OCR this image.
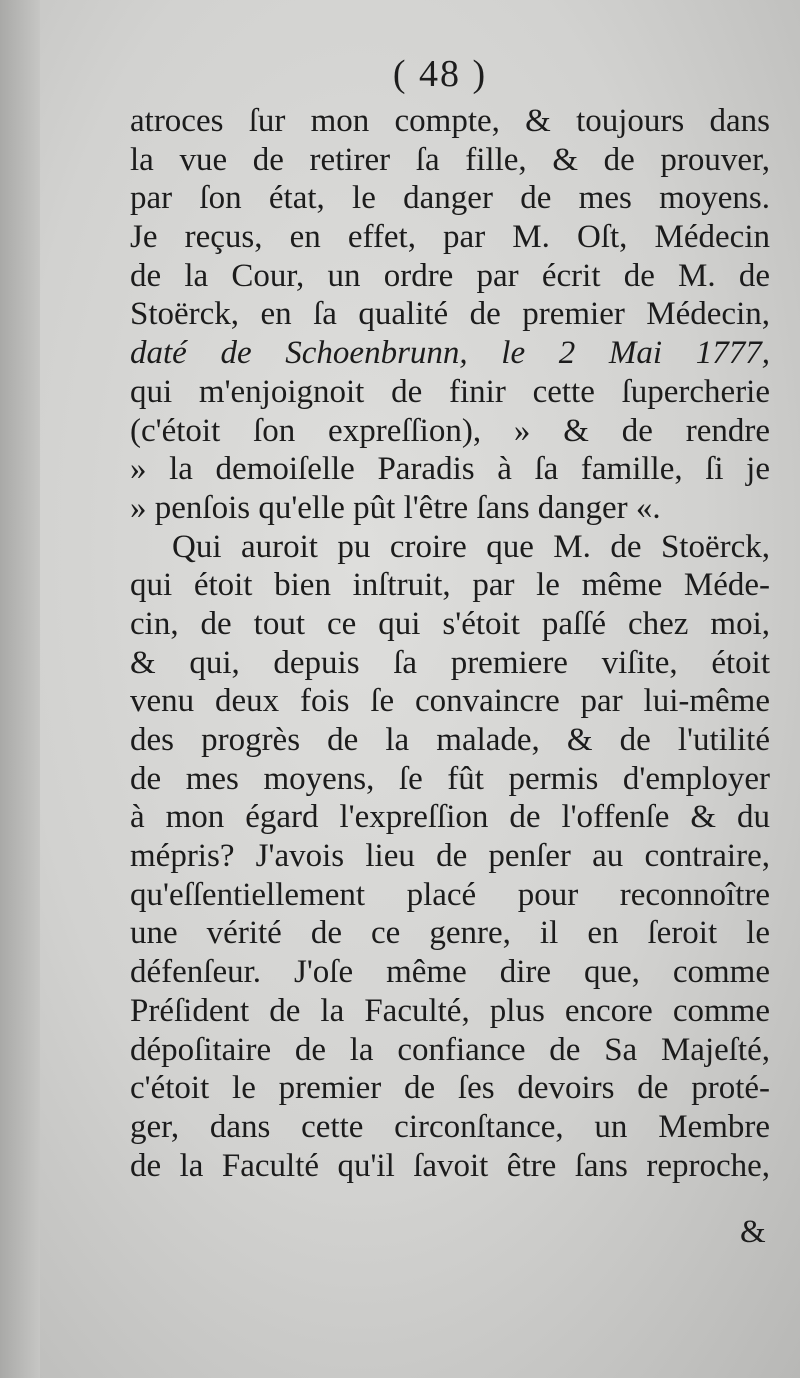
( 48 )
atroces ſur mon compte, & toujours dans
la vue de retirer ſa fille, & de prouver,
par ſon état, le danger de mes moyens.
Je reçus, en effet, par M. Oſt, Médecin
de la Cour, un ordre par écrit de M. de
Stoërck, en ſa qualité de premier Médecin,
daté de Schoenbrunn, le 2 Mai 1777,
qui m'enjoignoit de finir cette ſupercherie
(c'étoit ſon expreſſion), » & de rendre
» la demoiſelle Paradis à ſa famille, ſi je
» penſois qu'elle pût l'être ſans danger «.
Qui auroit pu croire que M. de Stoërck,
qui étoit bien inſtruit, par le même Méde-
cin, de tout ce qui s'étoit paſſé chez moi,
& qui, depuis ſa premiere viſite, étoit
venu deux fois ſe convaincre par lui-même
des progrès de la malade, & de l'utilité
de mes moyens, ſe fût permis d'employer
à mon égard l'expreſſion de l'offenſe & du
mépris? J'avois lieu de penſer au contraire,
qu'eſſentiellement placé pour reconnoître
une vérité de ce genre, il en ſeroit le
défenſeur. J'oſe même dire que, comme
Préſident de la Faculté, plus encore comme
dépoſitaire de la confiance de Sa Majeſté,
c'étoit le premier de ſes devoirs de proté-
ger, dans cette circonſtance, un Membre
de la Faculté qu'il ſavoit être ſans reproche,
&
